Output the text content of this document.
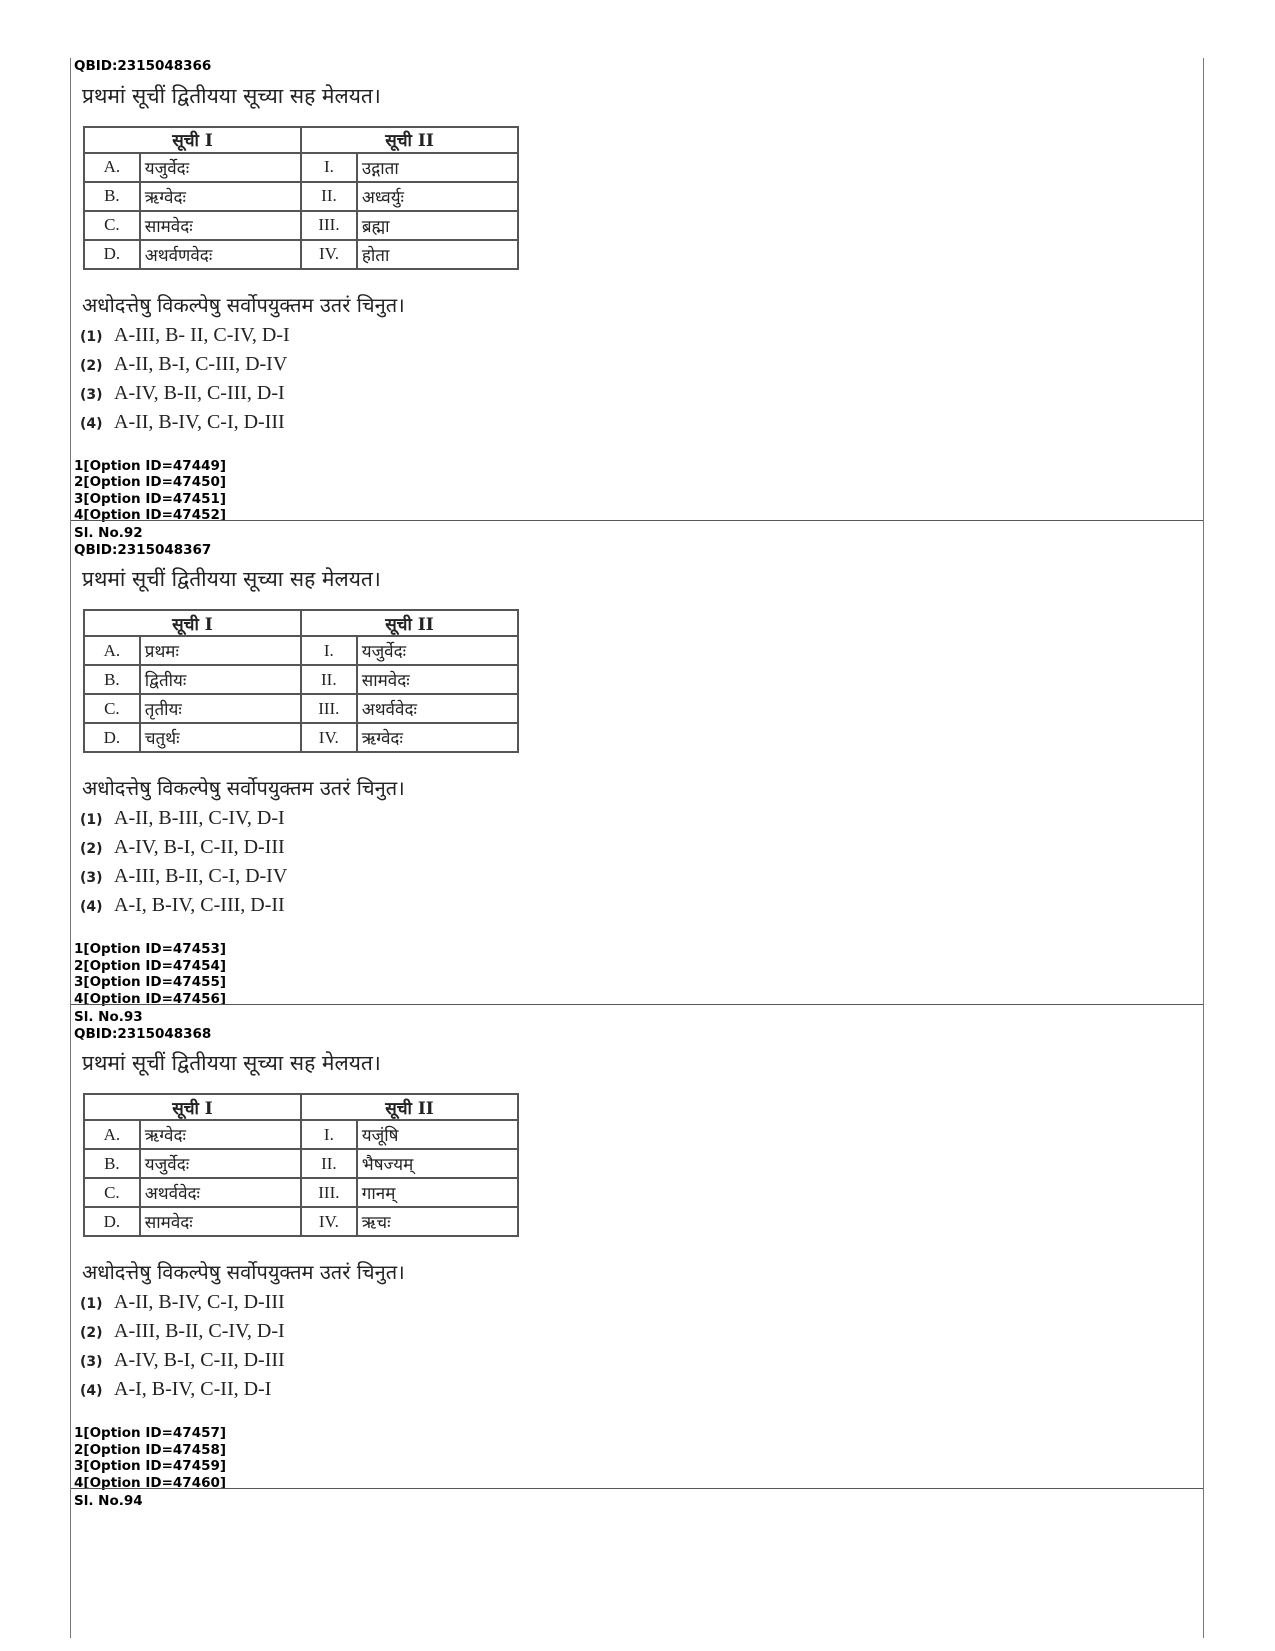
QBID:2315048366
प्रथमां सूचीं द्वितीयया सूच्या सह मेलयत।
सूची I		सूची II	
A.	यजुर्वेदः	I.	उद्गाता
B.	ऋग्वेदः	II.	अध्वर्युः
C.	सामवेदः	III.	ब्रह्मा
D.	अथर्वणवेदः	IV.	होता
अधोदत्तेषु विकल्पेषु सर्वोपयुक्तम उतरं चिनुत।
(1) A-III, B- II, C-IV, D-I
(2) A-II, B-I, C-III, D-IV
(3) A-IV, B-II, C-III, D-I
(4) A-II, B-IV, C-I, D-III
1[Option ID=47449]
2[Option ID=47450]
3[Option ID=47451]
4[Option ID=47452]
Sl. No.92
QBID:2315048367
प्रथमां सूचीं द्वितीयया सूच्या सह मेलयत।
सूची I		सूची II	
A.	प्रथमः	I.	यजुर्वेदः
B.	द्वितीयः	II.	सामवेदः
C.	तृतीयः	III.	अथर्ववेदः
D.	चतुर्थः	IV.	ऋग्वेदः
अधोदत्तेषु विकल्पेषु सर्वोपयुक्तम उतरं चिनुत।
(1) A-II, B-III, C-IV, D-I
(2) A-IV, B-I, C-II, D-III
(3) A-III, B-II, C-I, D-IV
(4) A-I, B-IV, C-III, D-II
1[Option ID=47453]
2[Option ID=47454]
3[Option ID=47455]
4[Option ID=47456]
Sl. No.93
QBID:2315048368
प्रथमां सूचीं द्वितीयया सूच्या सह मेलयत।
सूची I		सूची II	
A.	ऋग्वेदः	I.	यजूंषि
B.	यजुर्वेदः	II.	भैषज्यम्
C.	अथर्ववेदः	III.	गानम्
D.	सामवेदः	IV.	ऋचः
अधोदत्तेषु विकल्पेषु सर्वोपयुक्तम उतरं चिनुत।
(1) A-II, B-IV, C-I, D-III
(2) A-III, B-II, C-IV, D-I
(3) A-IV, B-I, C-II, D-III
(4) A-I, B-IV, C-II, D-I
1[Option ID=47457]
2[Option ID=47458]
3[Option ID=47459]
4[Option ID=47460]
Sl. No.94
